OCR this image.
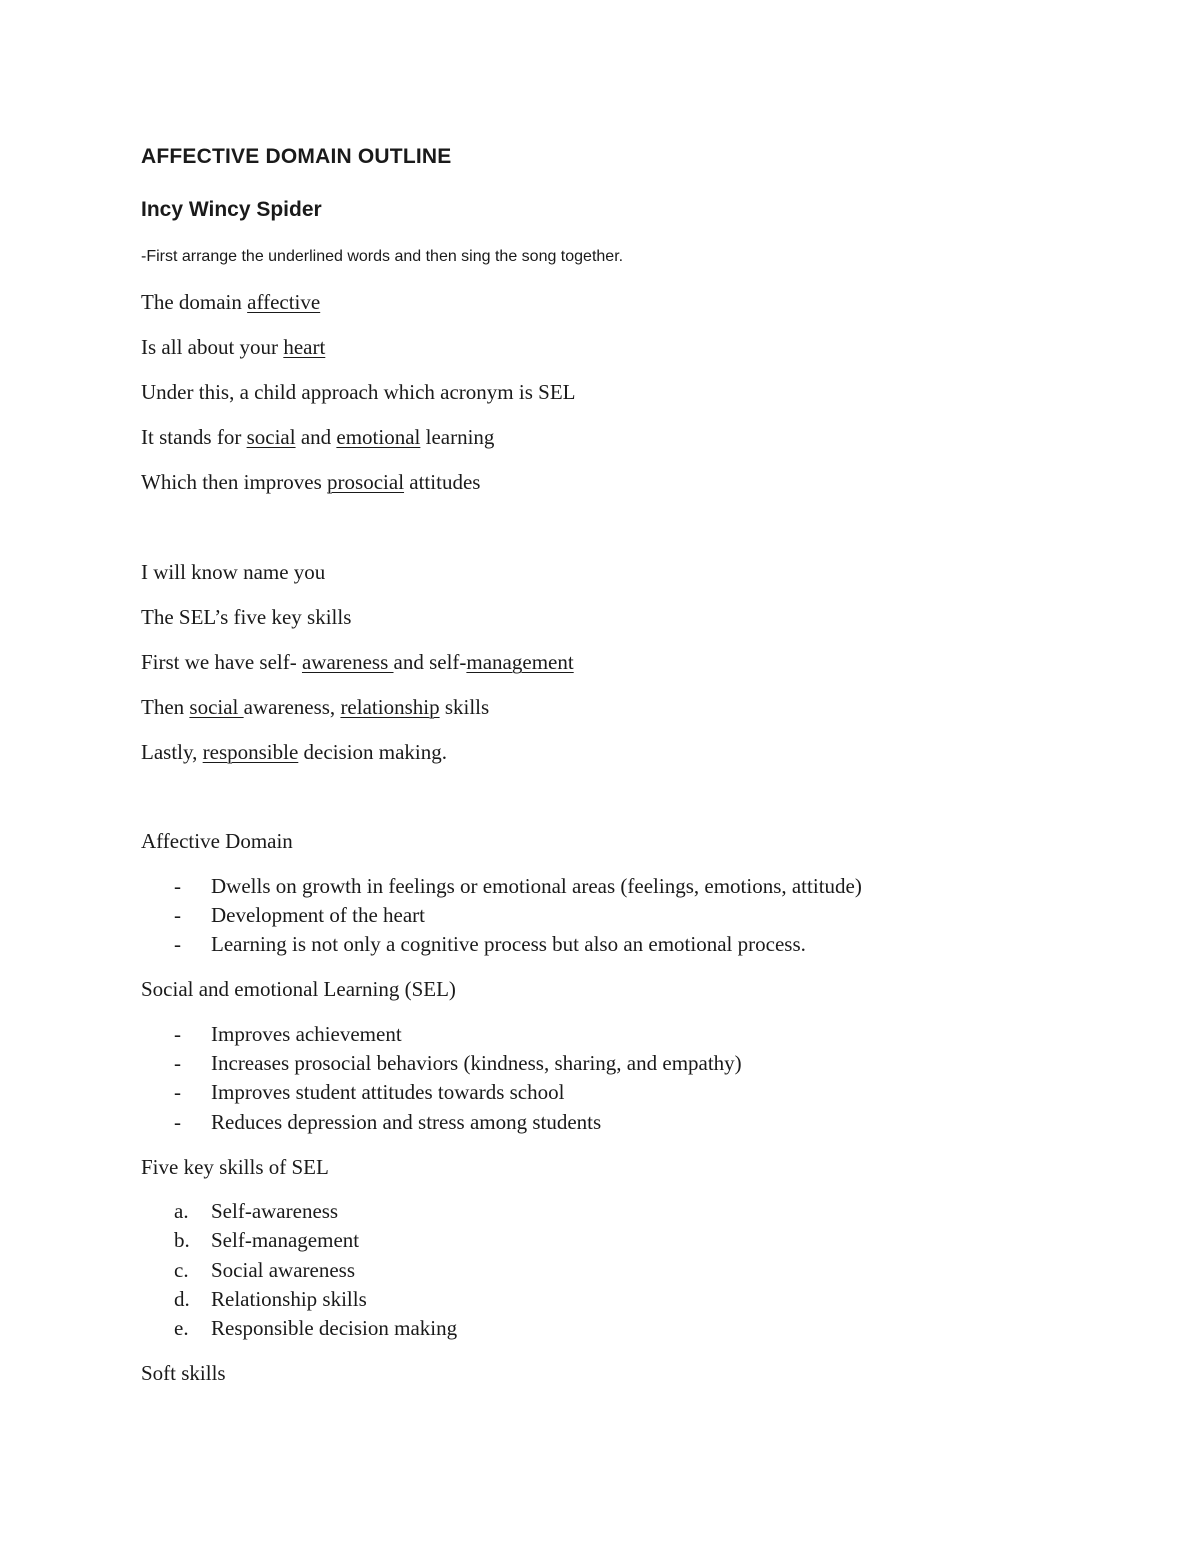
AFFECTIVE DOMAIN OUTLINE
Incy Wincy Spider
-First arrange the underlined words and then sing the song together.
The domain affective
Is all about your heart
Under this, a child approach which acronym is SEL
It stands for social and emotional learning
Which then improves prosocial attitudes
I will know name you
The SEL’s five key skills
First we have self- awareness and self-management
Then social awareness, relationship skills
Lastly, responsible decision making.
Affective Domain
- Dwells on growth in feelings or emotional areas (feelings, emotions, attitude)
- Development of the heart
- Learning is not only a cognitive process but also an emotional process.
Social and emotional Learning (SEL)
- Improves achievement
- Increases prosocial behaviors (kindness, sharing, and empathy)
- Improves student attitudes towards school
- Reduces depression and stress among students
Five key skills of SEL
a. Self-awareness
b. Self-management
c. Social awareness
d. Relationship skills
e. Responsible decision making
Soft skills
